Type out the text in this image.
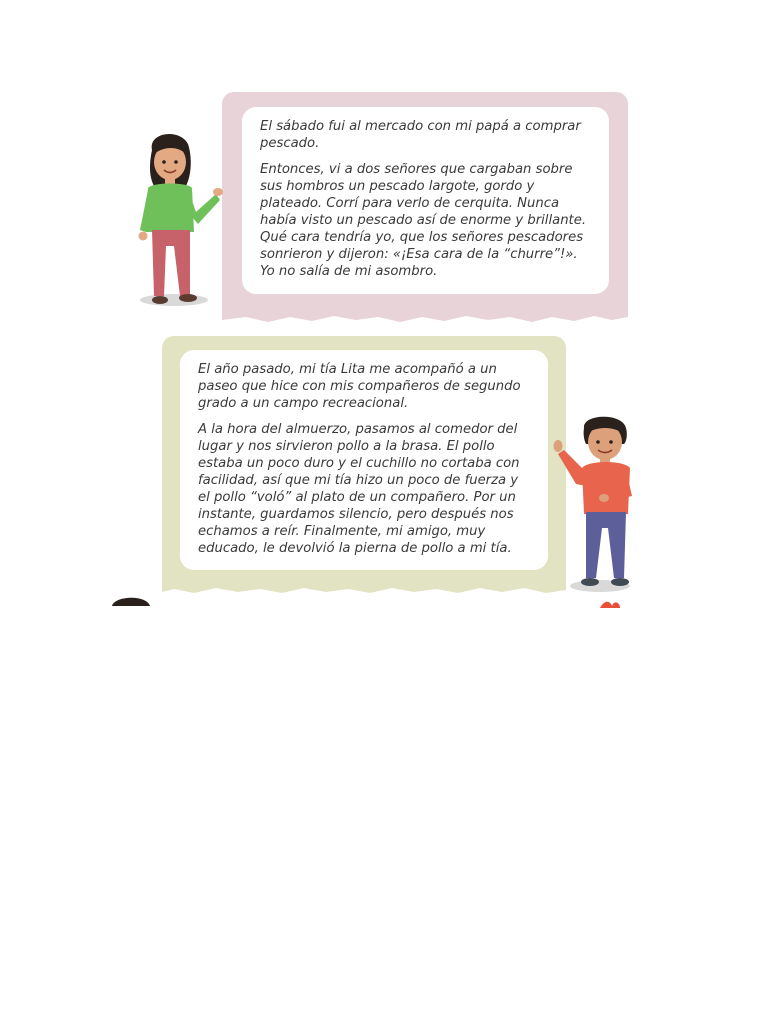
El sábado fui al mercado con mi papá a comprar pescado.

Entonces, vi a dos señores que cargaban sobre sus hombros un pescado largote, gordo y plateado. Corrí para verlo de cerquita. Nunca había visto un pescado así de enorme y brillante. Qué cara tendría yo, que los señores pescadores sonrieron y dijeron: «¡Esa cara de la “churre”!». Yo no salía de mi asombro.

El año pasado, mi tía Lita me acompañó a un paseo que hice con mis compañeros de segundo grado a un campo recreacional.

A la hora del almuerzo, pasamos al comedor del lugar y nos sirvieron pollo a la brasa. El pollo estaba un poco duro y el cuchillo no cortaba con facilidad, así que mi tía hizo un poco de fuerza y el pollo “voló” al plato de un compañero. Por un instante, guardamos silencio, pero después nos echamos a reír. Finalmente, mi amigo, muy educado, le devolvió la pierna de pollo a mi tía.
